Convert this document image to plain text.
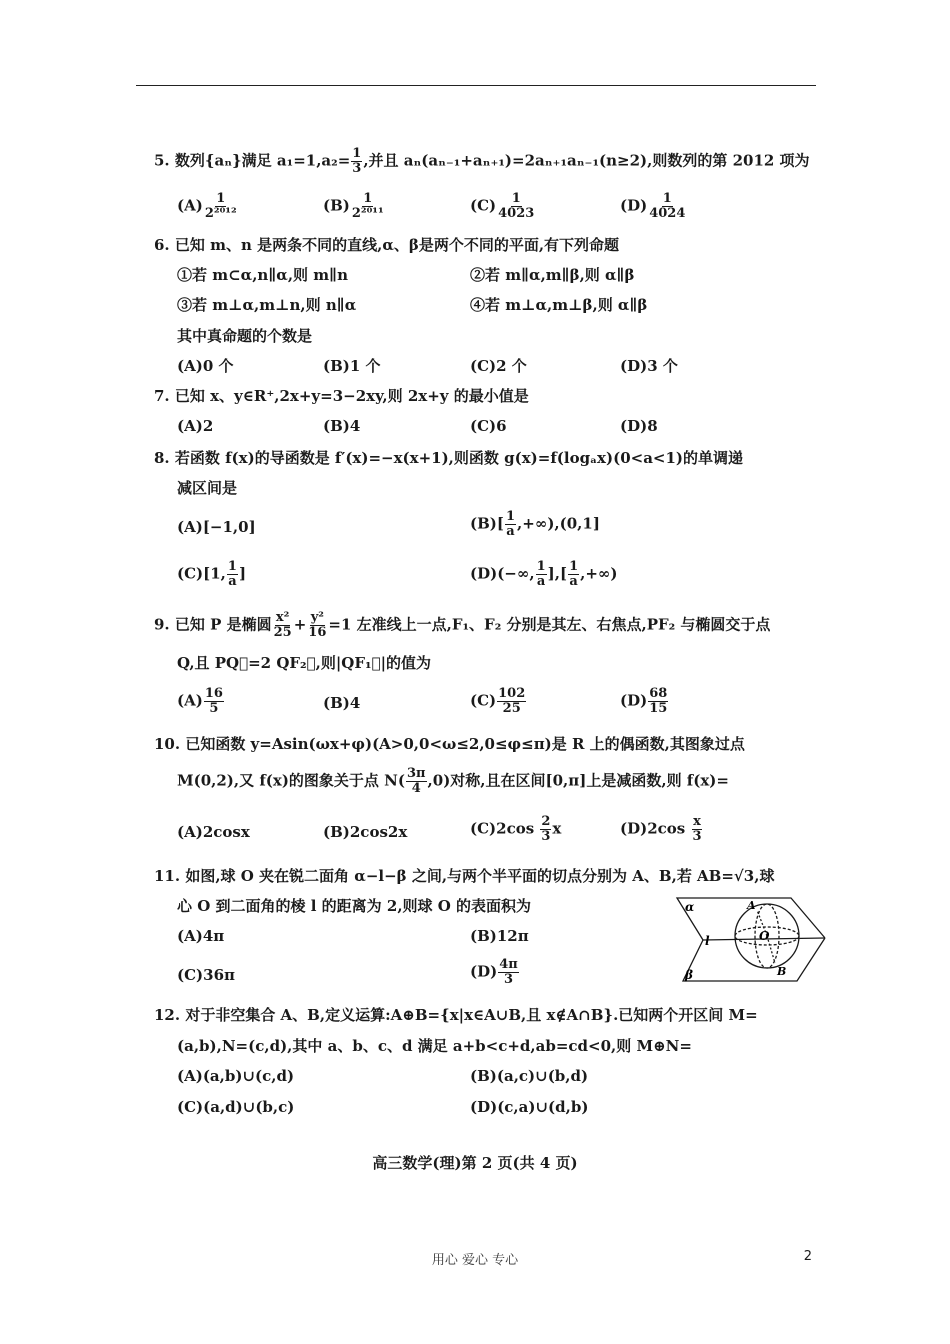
5. 数列{aₙ}满足 $a_1=1,a_2= \frac{1}{3}$ ,并且 aₙ(aₙ₋₁+aₙ₊₁)=2aₙ₊₁aₙ₋₁(n≥2),则数列的第 2012 项为
$(A) \frac{1}{\text{2²⁰¹²}}$	$(B) \frac{1}{\text{2²⁰¹¹}}$	$(C) \frac{1}{4023}$	$(D) \frac{1}{4024}$
6. 已知 m、n 是两条不同的直线,α、β是两个不同的平面,有下列命题
①若 m⊂α,n∥α,则 m∥n	②若 m∥α,m∥β,则 α∥β
③若 m⊥α,m⊥n,则 n∥α	④若 m⊥α,m⊥β,则 α∥β
其中真命题的个数是
(A)0 个	(B)1 个	(C)2 个	(D)3 个
7. 已知 x、y∈R⁺,2x+y=3−2xy,则 2x+y 的最小值是
(A)2	(B)4	(C)6	(D)8
8. 若函数 f(x)的导函数是 f′(x)=−x(x+1),则函数 g(x)=f(logₐx)(0<a<1)的单调递
减区间是
(A)[−1,0]	$(B)[ \frac{1}{a} ,+\infty),(0,1]$
(C)[1, $\frac{1}{a}$ ]	(D)(−∞, $\frac{1}{a}$ ],[ $\frac{1}{a}$ ,+∞)
9. 已知 P 是椭圆 $\frac{\text{x²}}{25} + \frac{\text{y²}}{16} =1$ 左准线上一点,F₁、F₂ 分别是其左、右焦点,PF₂ 与椭圆交于点
Q,且 PQ⃗=2 QF₂⃗,则|QF₁⃗|的值为
$(A) \frac{16}{5}$	(B)4	$(C) \frac{102}{25}$	$(D) \frac{68}{15}$
10. 已知函数 y=Asin(ωx+φ)(A>0,0<ω≤2,0≤φ≤π)是 R 上的偶函数,其图象过点
M(0,2),又 f(x)的图象关于点 $N( \frac{3\pi}{4} ,0)$对称,且在区间[0,π]上是减函数,则 f(x)=
(A)2cosx	(B)2cos2x	$(C)2\cos \frac{2}{3}$ x	$(D)2\cos \frac{x}{3}$
11. 如图,球 O 夹在锐二面角 α−l−β 之间,与两个半平面的切点分别为 A、B,若 AB=√3,球
心 O 到二面角的棱 l 的距离为 2,则球 O 的表面积为
(A)4π	(B)12π
(C)36π	$(D) \frac{4\pi}{3}$
α
β
l	O
A
B
12. 对于非空集合 A、B,定义运算:A⊕B={x|x∈A∪B,且 x∉A∩B}.已知两个开区间 M=
(a,b),N=(c,d),其中 a、b、c、d 满足 a+b<c+d,ab=cd<0,则 M⊕N=
(A)(a,b)∪(c,d)	(B)(a,c)∪(b,d)
(C)(a,d)∪(b,c)	(D)(c,a)∪(d,b)
高三数学(理)第 2 页(共 4 页)
用心 爱心 专心	2
